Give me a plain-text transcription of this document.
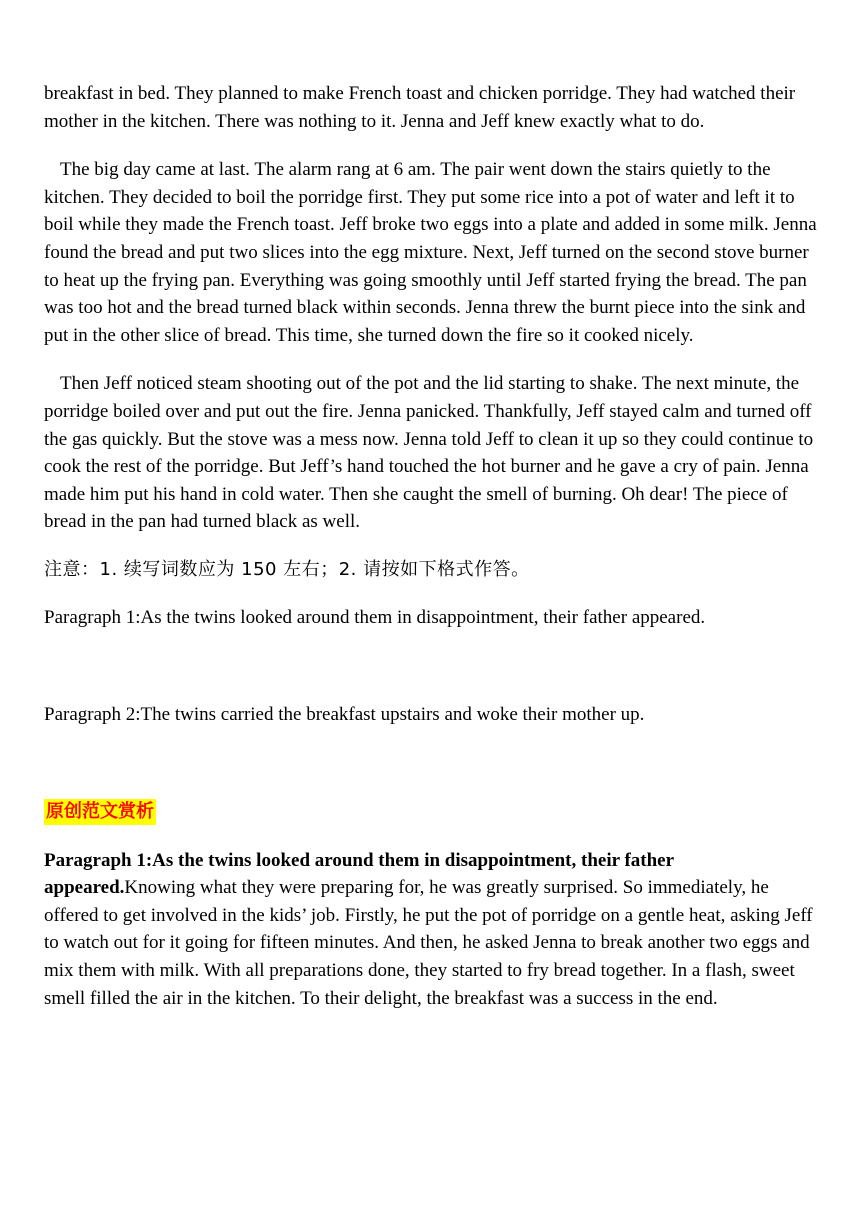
breakfast in bed. They planned to make French toast and chicken porridge. They had watched their mother in the kitchen. There was nothing to it. Jenna and Jeff knew exactly what to do.

The big day came at last. The alarm rang at 6 am. The pair went down the stairs quietly to the kitchen. They decided to boil the porridge first. They put some rice into a pot of water and left it to boil while they made the French toast. Jeff broke two eggs into a plate and added in some milk. Jenna found the bread and put two slices into the egg mixture. Next, Jeff turned on the second stove burner to heat up the frying pan. Everything was going smoothly until Jeff started frying the bread. The pan was too hot and the bread turned black within seconds. Jenna threw the burnt piece into the sink and put in the other slice of bread. This time, she turned down the fire so it cooked nicely.

Then Jeff noticed steam shooting out of the pot and the lid starting to shake. The next minute, the porridge boiled over and put out the fire. Jenna panicked. Thankfully, Jeff stayed calm and turned off the gas quickly. But the stove was a mess now. Jenna told Jeff to clean it up so they could continue to cook the rest of the porridge. But Jeff’s hand touched the hot burner and he gave a cry of pain. Jenna made him put his hand in cold water. Then she caught the smell of burning. Oh dear! The piece of bread in the pan had turned black as well.

注意：1. 续写词数应为 150 左右；2. 请按如下格式作答。

Paragraph 1:As the twins looked around them in disappointment, their father appeared.

Paragraph 2:The twins carried the breakfast upstairs and woke their mother up.

原创范文赏析

Paragraph 1:As the twins looked around them in disappointment, their father appeared.Knowing what they were preparing for, he was greatly surprised. So immediately, he offered to get involved in the kids’ job. Firstly, he put the pot of porridge on a gentle heat, asking Jeff to watch out for it going for fifteen minutes. And then, he asked Jenna to break another two eggs and mix them with milk. With all preparations done, they started to fry bread together. In a flash, sweet smell filled the air in the kitchen. To their delight, the breakfast was a success in the end.
